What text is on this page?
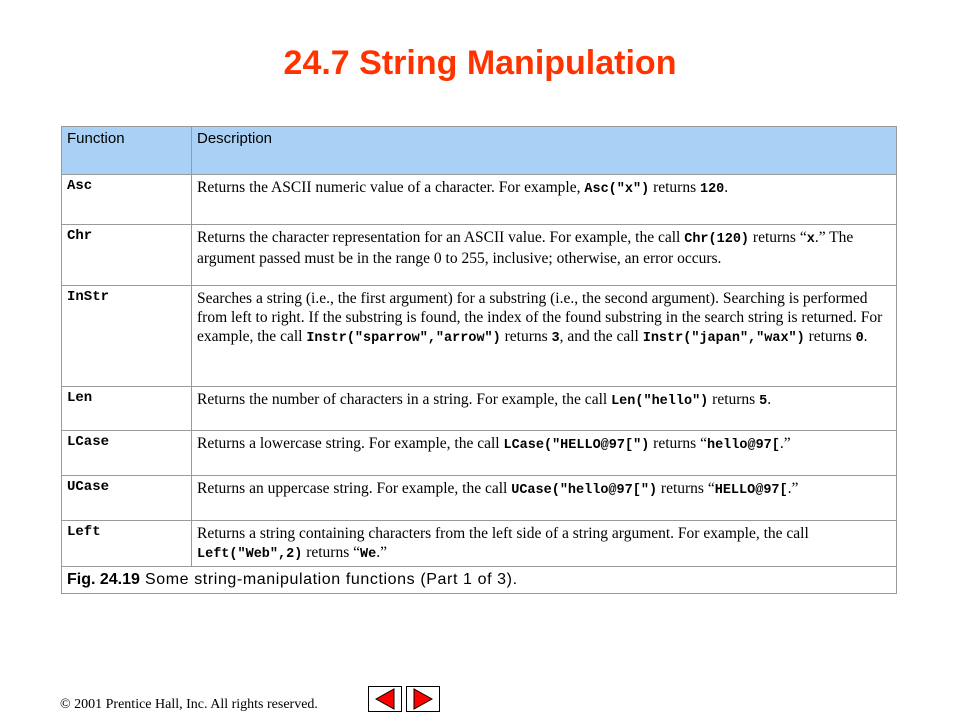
24.7 String Manipulation
Function	Description
Asc	Returns the ASCII numeric value of a character. For example, Asc("x") returns 120.
Chr	Returns the character representation for an ASCII value. For example, the call Chr(120) returns “x.” The argument passed must be in the range 0 to 255, inclusive; otherwise, an error occurs.
InStr	Searches a string (i.e., the first argument) for a substring (i.e., the second argument). Searching is performed from left to right. If the substring is found, the index of the found substring in the search string is returned. For example, the call Instr("sparrow","arrow") returns 3, and the call Instr("japan","wax") returns 0.
Len	Returns the number of characters in a string. For example, the call Len("hello") returns 5.
LCase	Returns a lowercase string. For example, the call LCase("HELLO@97[") returns “hello@97[.”
UCase	Returns an uppercase string. For example, the call UCase("hello@97[") returns “HELLO@97[.”
Left	Returns a string containing characters from the left side of a string argument. For example, the call Left("Web",2) returns “We.”
Fig. 24.19 Some string-manipulation functions (Part 1 of 3).	
© 2001 Prentice Hall, Inc. All rights reserved.
